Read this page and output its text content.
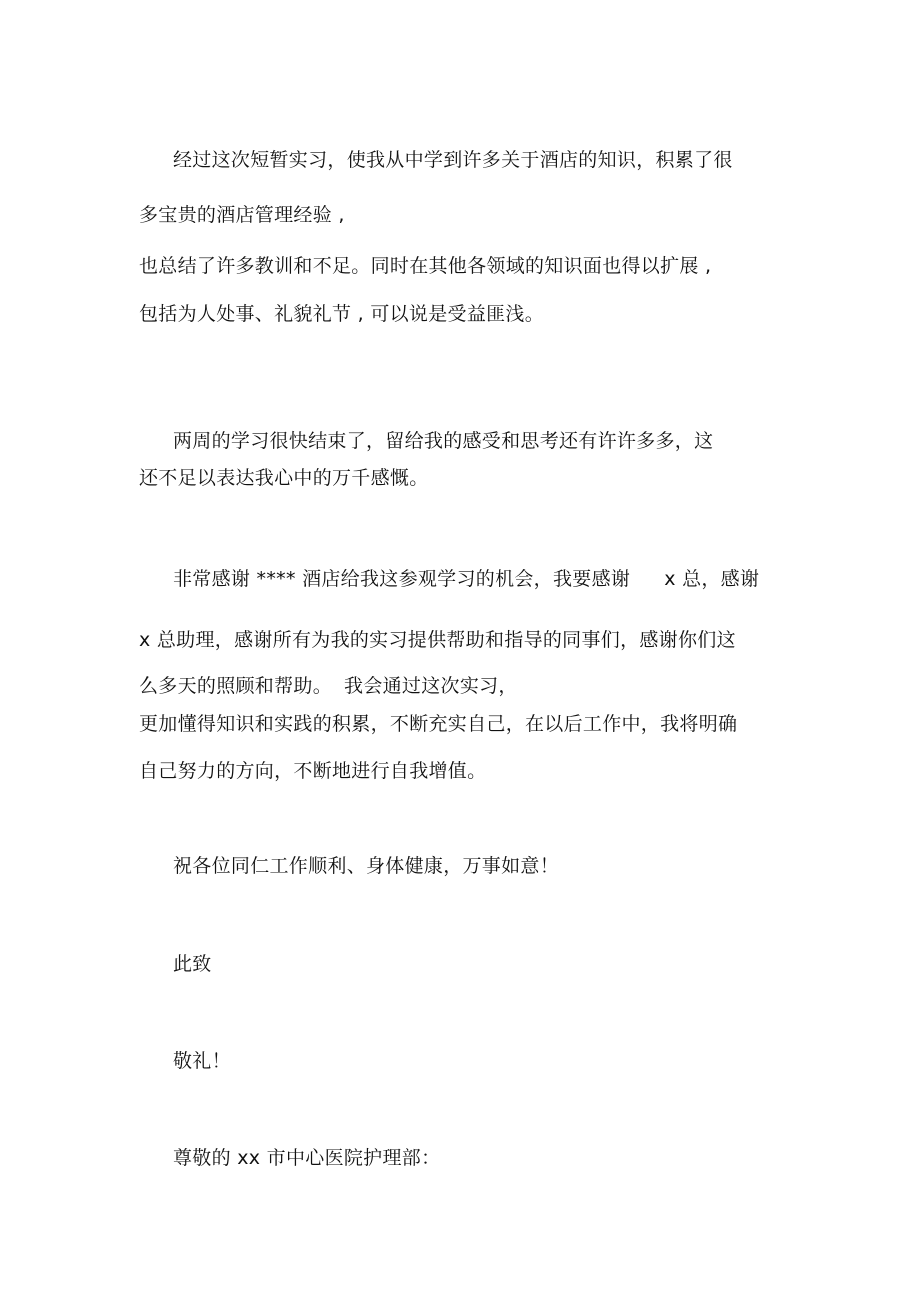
经过这次短暂实习，使我从中学到许多关于酒店的知识，积累了很

多宝贵的酒店管理经验 ,

也总结了许多教训和不足。同时在其他各领域的知识面也得以扩展 ,

包括为人处事、礼貌礼节 , 可以说是受益匪浅。

两周的学习很快结束了，留给我的感受和思考还有许许多多，这

还不足以表达我心中的万千感慨。

非常感谢 **** 酒店给我这参观学习的机会，我要感谢 x 总，感谢

x 总助理，感谢所有为我的实习提供帮助和指导的同事们，感谢你们这

么多天的照顾和帮助。 我会通过这次实习，

更加懂得知识和实践的积累，不断充实自己，在以后工作中，我将明确

自己努力的方向，不断地进行自我增值。

祝各位同仁工作顺利、身体健康，万事如意！

此致

敬礼！

尊敬的 xx 市中心医院护理部：
